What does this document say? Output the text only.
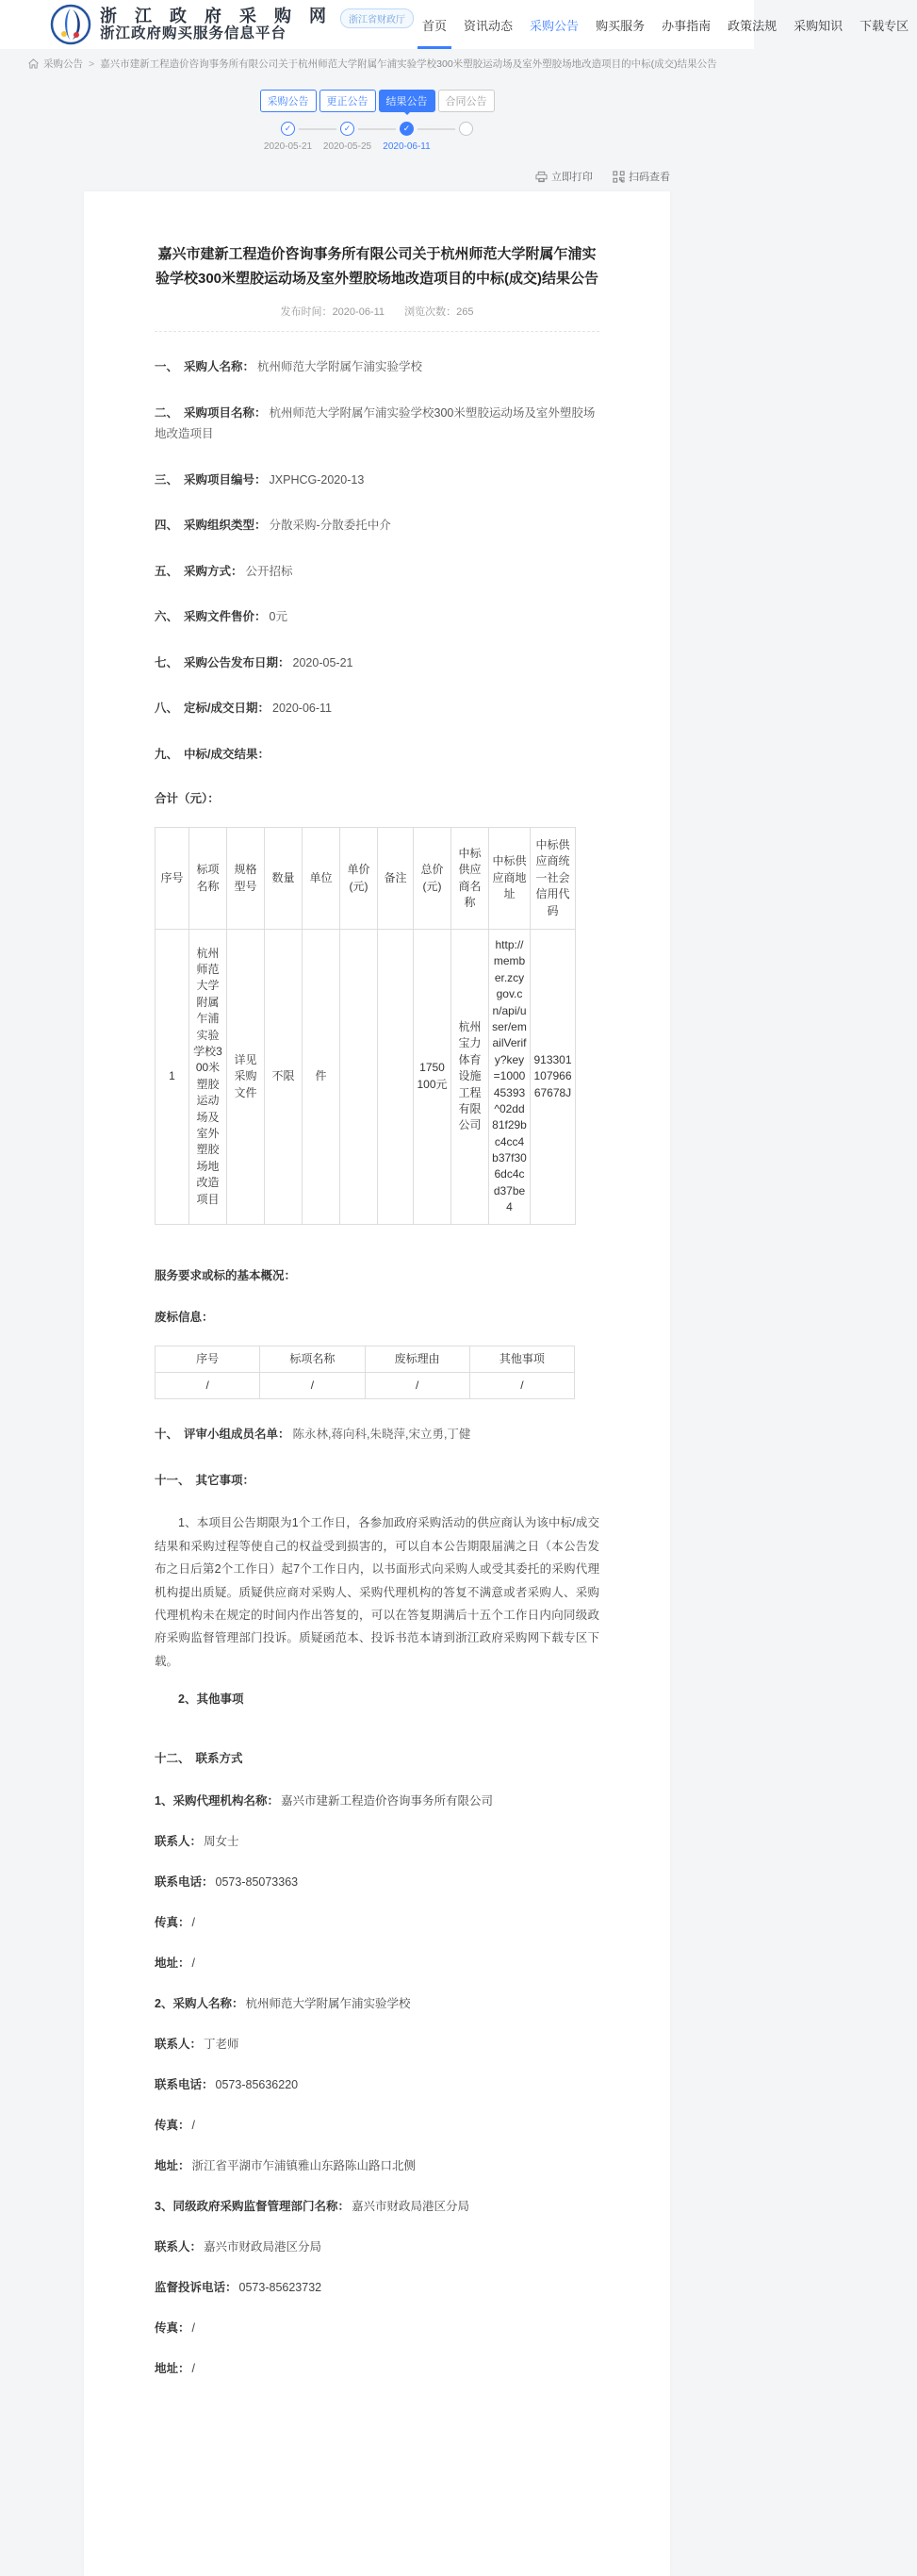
浙 江 政 府 采 购 网
浙江政府购买服务信息平台
浙江省财政厅	首页	资讯动态	采购公告	购买服务	办事指南	政策法规	采购知识	下载专区
采购公告 > 嘉兴市建新工程造价咨询事务所有限公司关于杭州师范大学附属乍浦实验学校300米塑胶运动场及室外塑胶场地改造项目的中标(成交)结果公告
采购公告	更正公告	结果公告	合同公告
✓	✓	✓
2020-05-21 2020-05-25 2020-06-11
立即打印
	扫码查看
嘉兴市建新工程造价咨询事务所有限公司关于杭州师范大学附属乍浦实验学校300米塑胶运动场及室外塑胶场地改造项目的中标(成交)结果公告
发布时间：2020-06-11 浏览次数：265
一、 采购人名称： 杭州师范大学附属乍浦实验学校
二、 采购项目名称： 杭州师范大学附属乍浦实验学校300米塑胶运动场及室外塑胶场地改造项目
三、 采购项目编号： JXPHCG-2020-13
四、 采购组织类型： 分散采购-分散委托中介
五、 采购方式： 公开招标
六、 采购文件售价： 0元
七、 采购公告发布日期： 2020-05-21
八、 定标/成交日期： 2020-06-11
九、 中标/成交结果：
合计（元）：
序号	标项名称	规格型号	数量	单位	单价(元)	备注	总价(元)	中标供应商名称	中标供应商地址	中标供应商统一社会信用代码
1	杭州师范大学附属乍浦实验学校300米塑胶运动场及室外塑胶场地改造项目	详见采购文件	不限	件			1750100元	杭州宝力体育设施工程有限公司	http://member.zcygov.cn/api/user/emailVerify?key=100045393^02dd81f29bc4cc4b37f306dc4cd37be4	91330110796667678J
服务要求或标的基本概况：
废标信息：
序号	标项名称	废标理由	其他事项
/	/	/	/
十、 评审小组成员名单： 陈永林,蒋向科,朱晓萍,宋立勇,丁健
十一、 其它事项：

1、本项目公告期限为1个工作日，各参加政府采购活动的供应商认为该中标/成交结果和采购过程等使自己的权益受到损害的，可以自本公告期限届满之日（本公告发布之日后第2个工作日）起7个工作日内，以书面形式向采购人或受其委托的采购代理机构提出质疑。质疑供应商对采购人、采购代理机构的答复不满意或者采购人、采购代理机构未在规定的时间内作出答复的，可以在答复期满后十五个工作日内向同级政府采购监督管理部门投诉。质疑函范本、投诉书范本请到浙江政府采购网下载专区下载。

2、其他事项
十二、 联系方式
1、采购代理机构名称： 嘉兴市建新工程造价咨询事务所有限公司
联系人： 周女士
联系电话： 0573-85073363
传真： /
地址： /
2、采购人名称： 杭州师范大学附属乍浦实验学校
联系人： 丁老师
联系电话： 0573-85636220
传真： /
地址： 浙江省平湖市乍浦镇雅山东路陈山路口北侧
3、同级政府采购监督管理部门名称： 嘉兴市财政局港区分局
联系人： 嘉兴市财政局港区分局
监督投诉电话： 0573-85623732
传真： /
地址： /
